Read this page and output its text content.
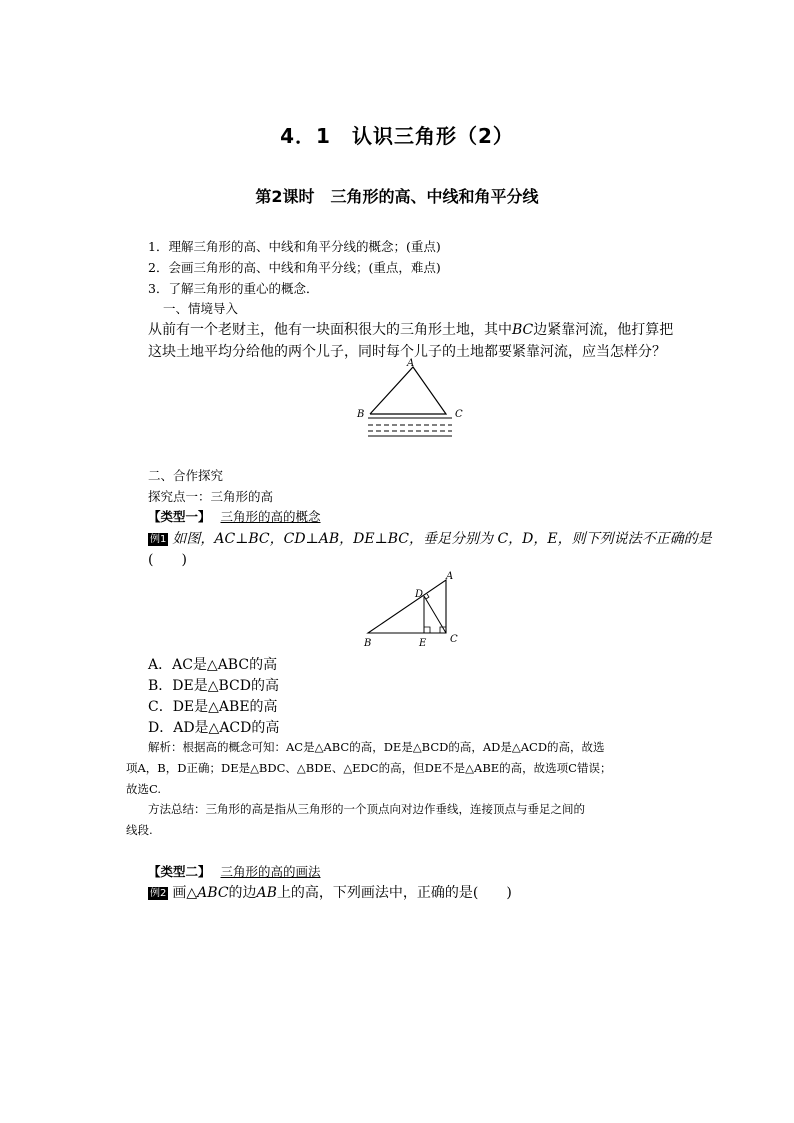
4．1　认识三角形（2）
第2课时　三角形的高、中线和角平分线
1．理解三角形的高、中线和角平分线的概念；(重点)
2．会画三角形的高、中线和角平分线；(重点，难点)
3．了解三角形的重心的概念．
一、情境导入
从前有一个老财主，他有一块面积很大的三角形土地，其中BC边紧靠河流，他打算把
这块土地平均分给他的两个儿子，同时每个儿子的土地都要紧靠河流，应当怎样分？
A
B	C
二、合作探究
探究点一：三角形的高
【类型一】 三角形的高的概念
例1 如图，AC⊥BC，CD⊥AB，DE⊥BC，垂足分别为 C，D，E，则下列说法不正确的是
(　　)
A
D
B	E C
A．AC是△ABC的高
B．DE是△BCD的高
C．DE是△ABE的高
D．AD是△ACD的高
解析：根据高的概念可知：AC是△ABC的高，DE是△BCD的高，AD是△ACD的高，故选
项A，B，D正确；DE是△BDC、△BDE、△EDC的高，但DE不是△ABE的高，故选项C错误；
故选C.
方法总结：三角形的高是指从三角形的一个顶点向对边作垂线，连接顶点与垂足之间的
线段.
【类型二】 三角形的高的画法
例2 画△ABC的边AB上的高，下列画法中，正确的是(　　)
